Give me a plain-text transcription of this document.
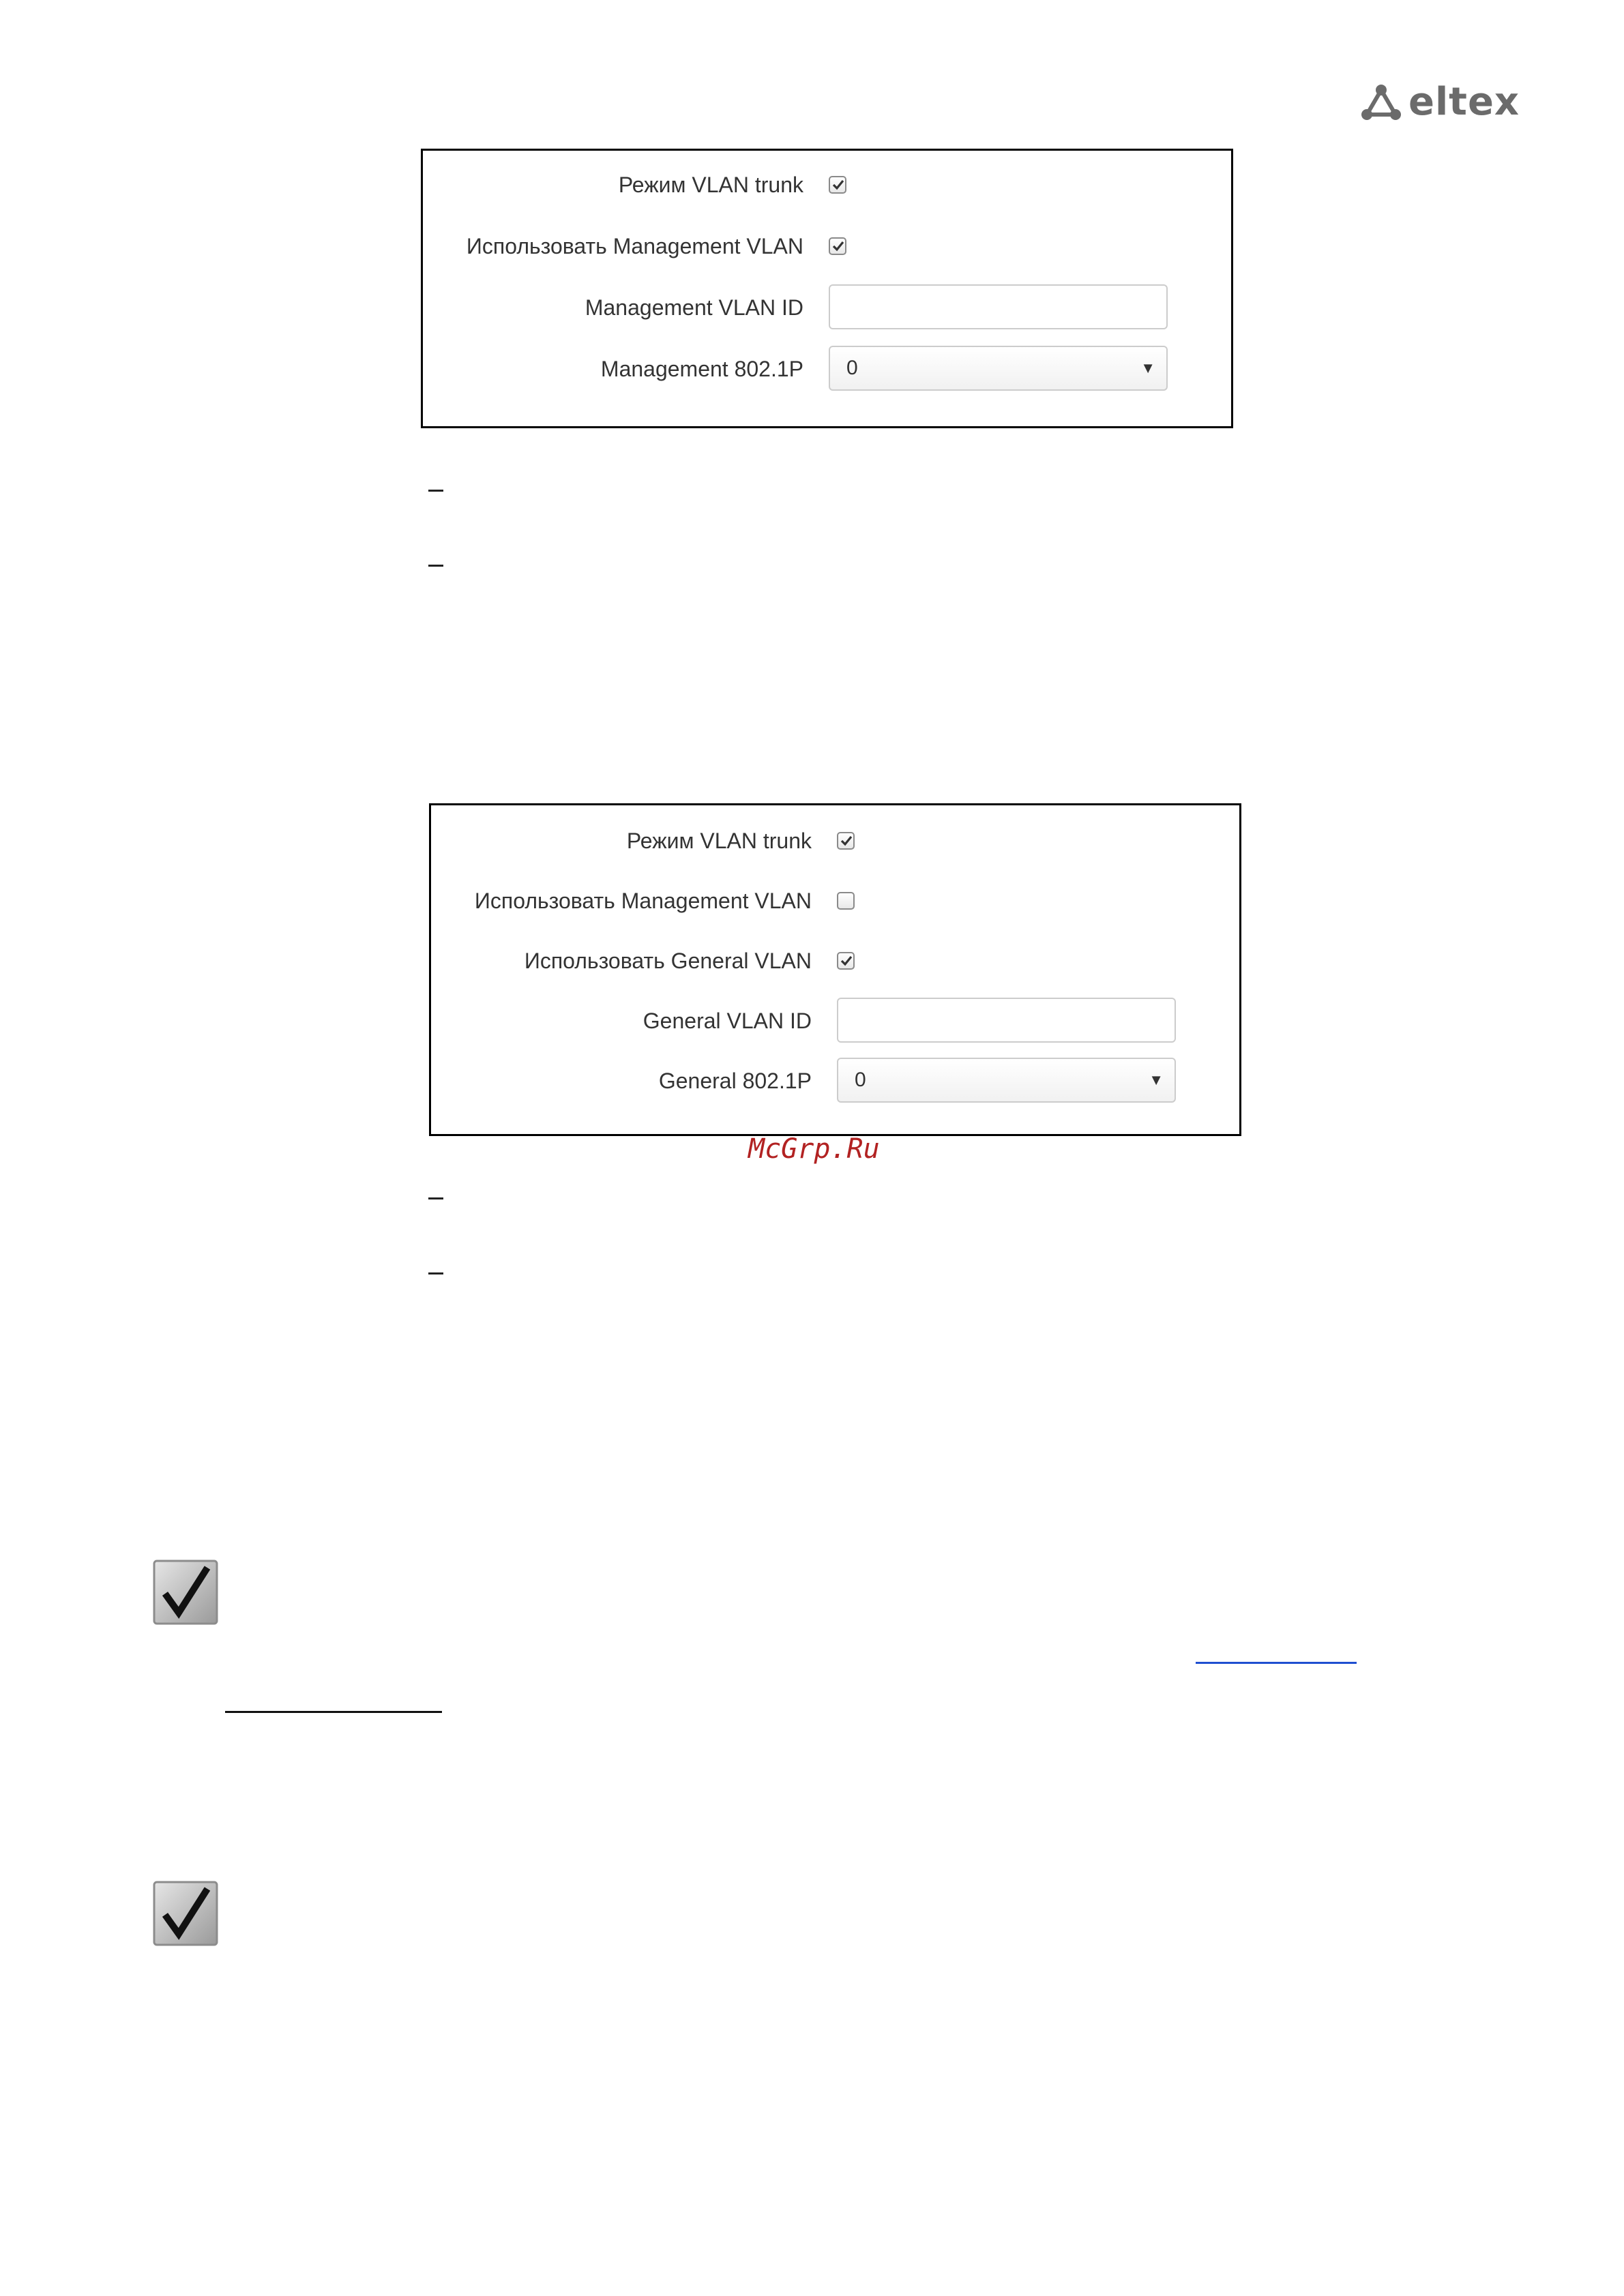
eltex
Режим VLAN trunk
Использовать Management VLAN
Management VLAN ID
Management 802.1P 0	▼
Режим VLAN trunk
Использовать Management VLAN
Использовать General VLAN
General VLAN ID
General 802.1P 0	▼
McGrp.Ru
